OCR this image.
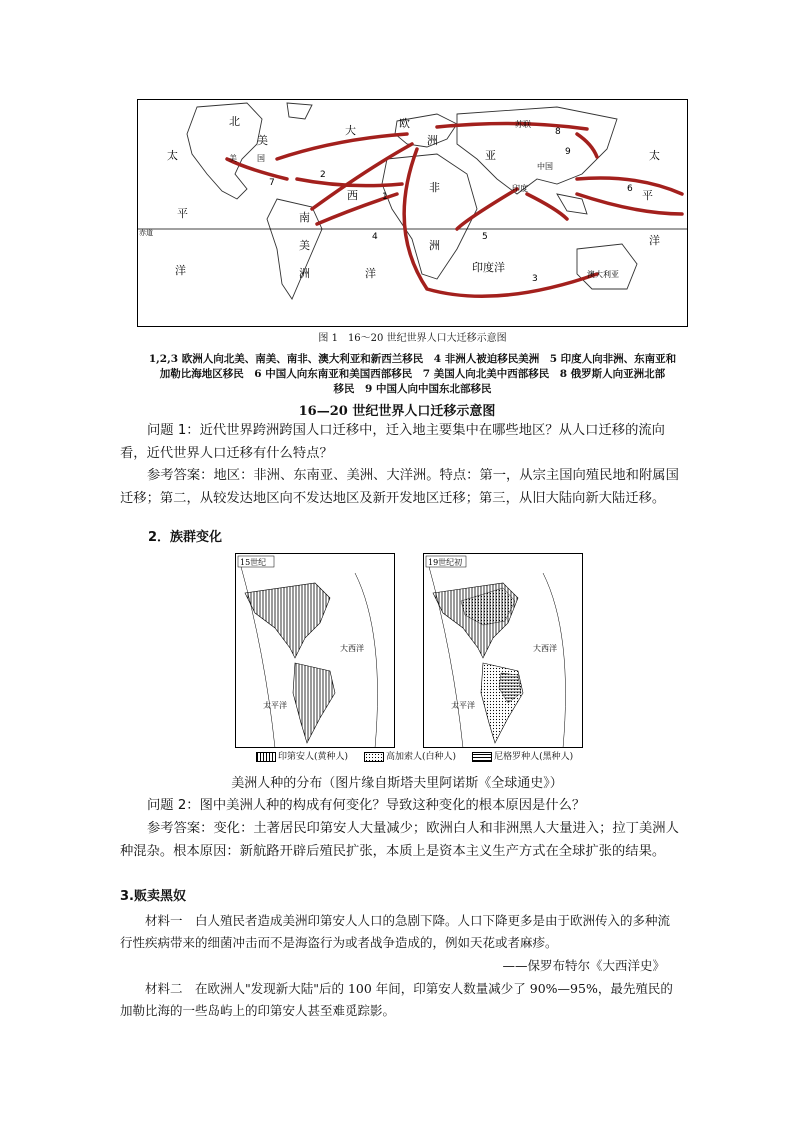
北
大
美	洲
太
平
洋
西
南
非
欧
亚
苏联
中国
印度
印度洋
澳大利亚
赤道
洲
美
洲	洋
太
洋
平
美	国
2
1
3
4	5
6
7
8
9
图 1　16～20 世纪世界人口大迁移示意图
1,2,3 欧洲人向北美、南美、南非、澳大利亚和新西兰移民　4 非洲人被迫移民美洲　5 印度人向非洲、东南亚和
加勒比海地区移民　6 中国人向东南亚和美国西部移民　7 美国人向北美中西部移民　8 俄罗斯人向亚洲北部
移民　9 中国人向中国东北部移民
16—20 世纪世界人口迁移示意图
问题 1：近代世界跨洲跨国人口迁移中，迁入地主要集中在哪些地区？从人口迁移的流向看，近代世界人口迁移有什么特点？
参考答案：地区：非洲、东南亚、美洲、大洋洲。特点：第一，从宗主国向殖民地和附属国迁移；第二，从较发达地区向不发达地区及新开发地区迁移；第三，从旧大陆向新大陆迁移。
2．族群变化
15世纪
大西洋
太平洋
19世纪初
大西洋
太平洋
印第安人(黄种人)	高加索人(白种人)	尼格罗种人(黑种人)
美洲人种的分布（图片缘自斯塔夫里阿诺斯《全球通史》）
问题 2：图中美洲人种的构成有何变化？导致这种变化的根本原因是什么？
参考答案：变化：土著居民印第安人大量减少；欧洲白人和非洲黑人大量进入；拉丁美洲人种混杂。根本原因：新航路开辟后殖民扩张，本质上是资本主义生产方式在全球扩张的结果。
3.贩卖黑奴
材料一　白人殖民者造成美洲印第安人人口的急剧下降。人口下降更多是由于欧洲传入的多种流行性疾病带来的细菌冲击而不是海盗行为或者战争造成的，例如天花或者麻疹。
——保罗布特尔《大西洋史》
材料二　在欧洲人"发现新大陆"后的 100 年间，印第安人数量减少了 90%—95%，最先殖民的加勒比海的一些岛屿上的印第安人甚至难觅踪影。
